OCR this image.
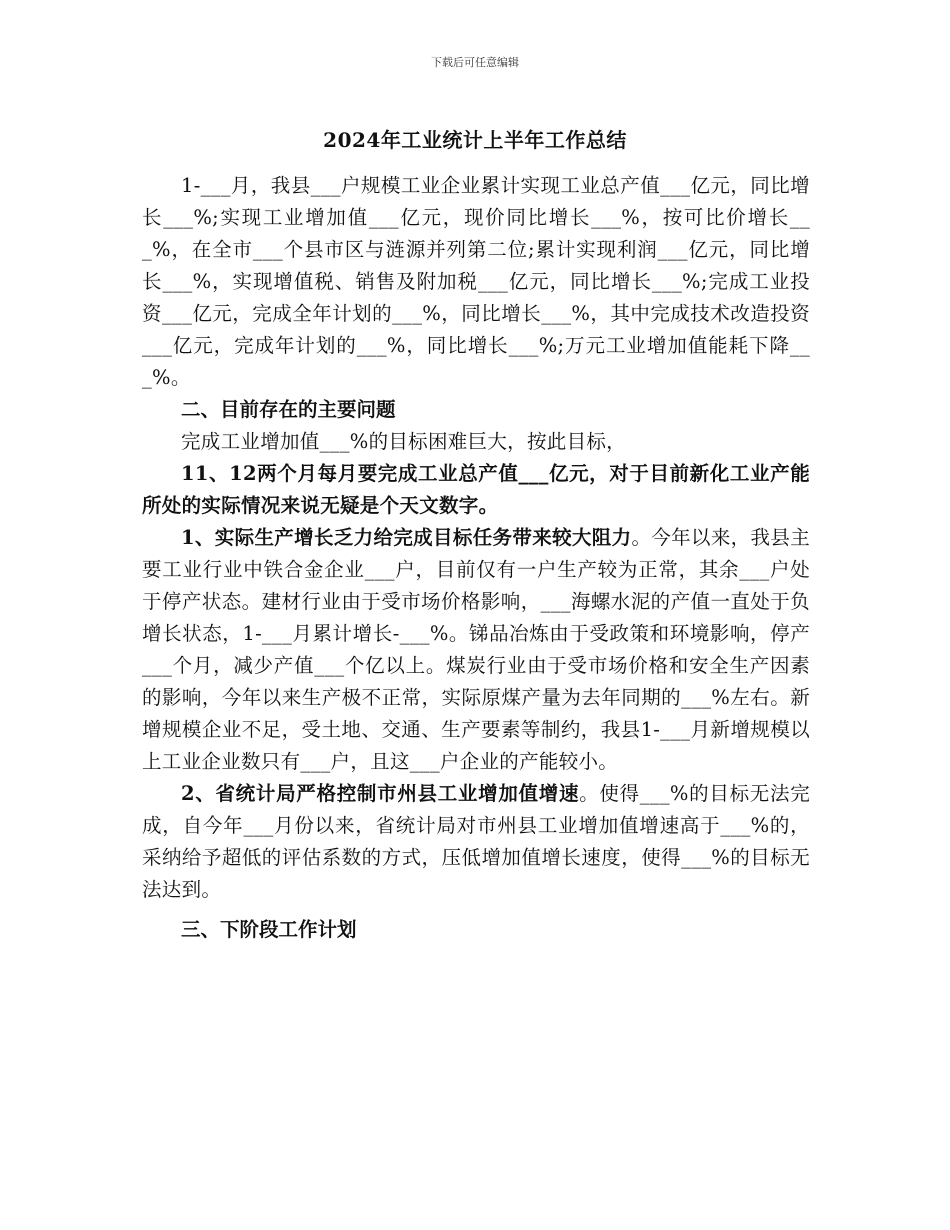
下载后可任意编辑
2024年工业统计上半年工作总结

1-___月，我县___户规模工业企业累计实现工业总产值___亿元，同比增长___%;实现工业增加值___亿元，现价同比增长___%，按可比价增长___%，在全市___个县市区与涟源并列第二位;累计实现利润___亿元，同比增长___%，实现增值税、销售及附加税___亿元，同比增长___%;完成工业投资___亿元，完成全年计划的___%，同比增长___%，其中完成技术改造投资___亿元，完成年计划的___%，同比增长___%;万元工业增加值能耗下降___%。

二、目前存在的主要问题

完成工业增加值___%的目标困难巨大，按此目标，

11、12两个月每月要完成工业总产值___亿元，对于目前新化工业产能所处的实际情况来说无疑是个天文数字。

1、实际生产增长乏力给完成目标任务带来较大阻力。今年以来，我县主要工业行业中铁合金企业___户，目前仅有一户生产较为正常，其余___户处于停产状态。建材行业由于受市场价格影响，___海螺水泥的产值一直处于负增长状态，1-___月累计增长-___%。锑品冶炼由于受政策和环境影响，停产___个月，减少产值___个亿以上。煤炭行业由于受市场价格和安全生产因素的影响，今年以来生产极不正常，实际原煤产量为去年同期的___%左右。新增规模企业不足，受土地、交通、生产要素等制约，我县1-___月新增规模以上工业企业数只有___户，且这___户企业的产能较小。

2、省统计局严格控制市州县工业增加值增速。使得___%的目标无法完成，自今年___月份以来，省统计局对市州县工业增加值增速高于___%的，采纳给予超低的评估系数的方式，压低增加值增长速度，使得___%的目标无法达到。

三、下阶段工作计划
